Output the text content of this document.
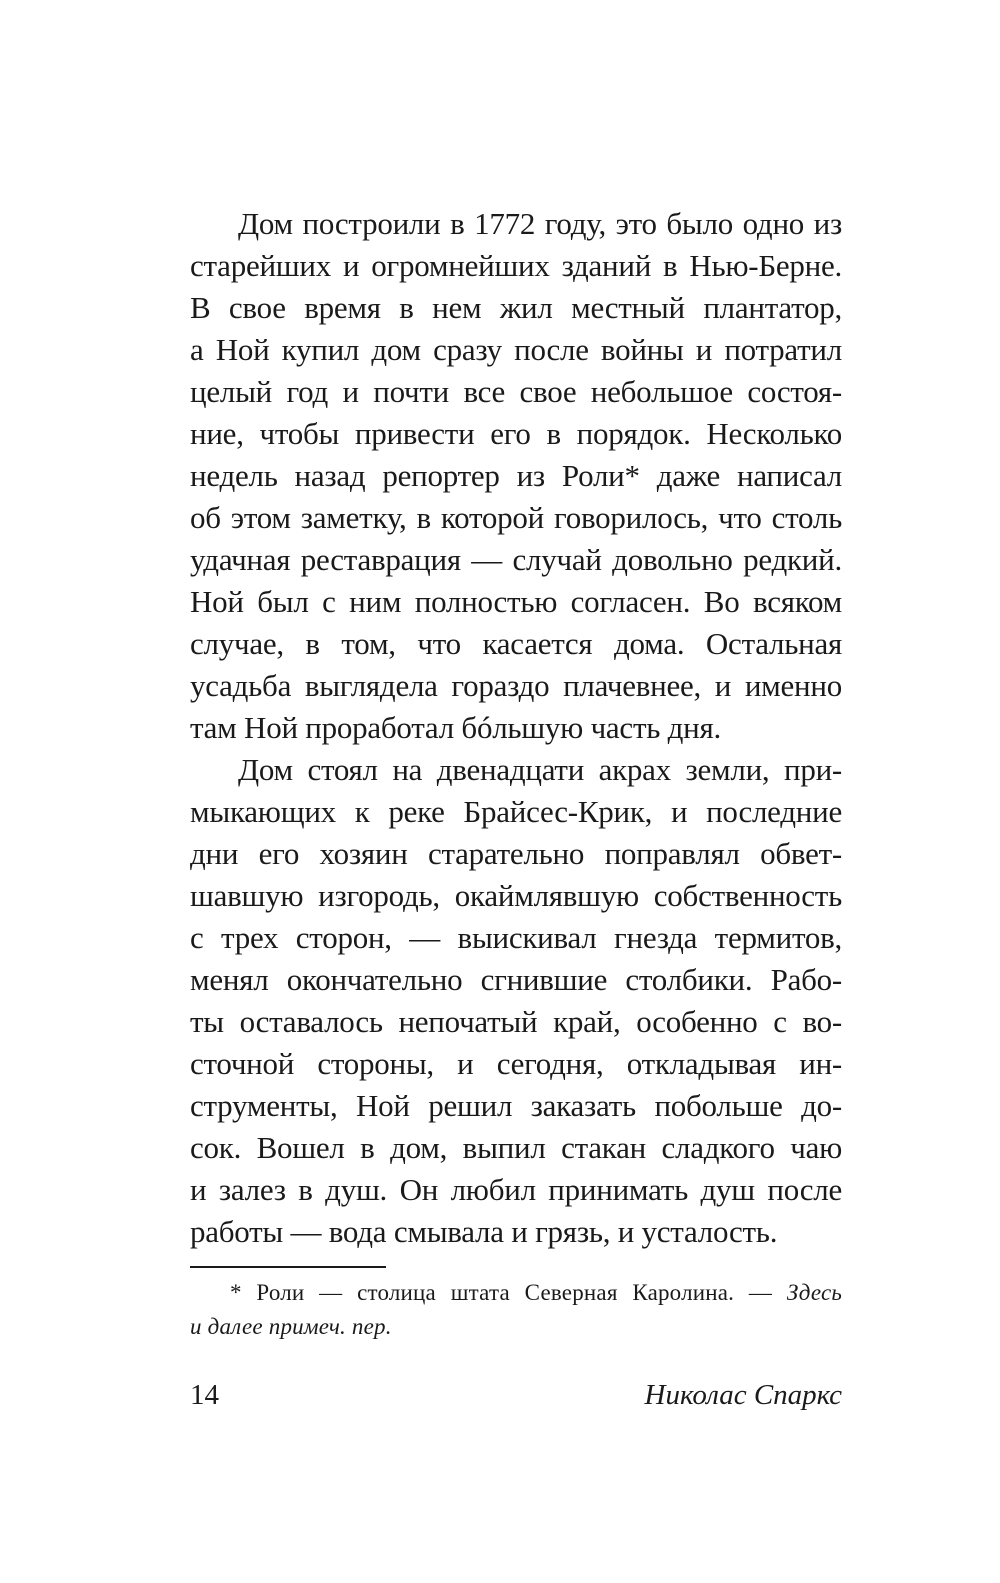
Дом построили в 1772 году, это было одно из
старейших и огромнейших зданий в Нью-Берне.
В свое время в нем жил местный плантатор,
а Ной купил дом сразу после войны и потратил
целый год и почти все свое небольшое состоя-
ние, чтобы привести его в порядок. Несколько
недель назад репортер из Роли* даже написал
об этом заметку, в которой говорилось, что столь
удачная реставрация — случай довольно редкий.
Ной был с ним полностью согласен. Во всяком
случае, в том, что касается дома. Остальная
усадьба выглядела гораздо плачевнее, и именно
там Ной проработал бóльшую часть дня.
Дом стоял на двенадцати акрах земли, при-
мыкающих к реке Брайсес-Крик, и последние
дни его хозяин старательно поправлял обвет-
шавшую изгородь, окаймлявшую собственность
с трех сторон, — выискивал гнезда термитов,
менял окончательно сгнившие столбики. Рабо-
ты оставалось непочатый край, особенно с во-
сточной стороны, и сегодня, откладывая ин-
струменты, Ной решил заказать побольше до-
сок. Вошел в дом, выпил стакан сладкого чаю
и залез в душ. Он любил принимать душ после
работы — вода смывала и грязь, и усталость.
* Роли — столица штата Северная Каролина. — Здесь
и далее примеч. пер.
14	Николас Спаркс
